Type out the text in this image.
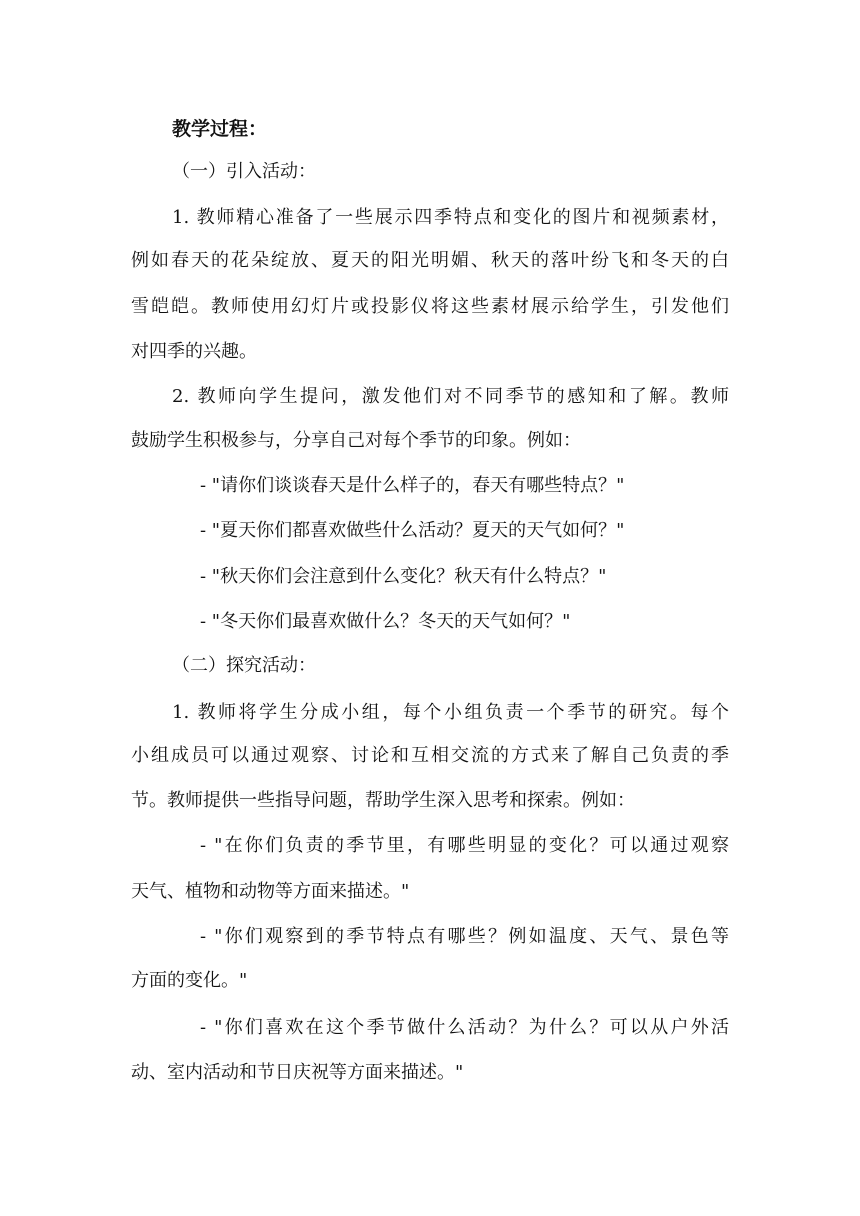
教学过程：
（一）引入活动：
1. 教师精心准备了一些展示四季特点和变化的图片和视频素材，
例如春天的花朵绽放、夏天的阳光明媚、秋天的落叶纷飞和冬天的白
雪皑皑。教师使用幻灯片或投影仪将这些素材展示给学生，引发他们
对四季的兴趣。
2. 教师向学生提问，激发他们对不同季节的感知和了解。教师
鼓励学生积极参与，分享自己对每个季节的印象。例如：
- "请你们谈谈春天是什么样子的，春天有哪些特点？"
- "夏天你们都喜欢做些什么活动？夏天的天气如何？"
- "秋天你们会注意到什么变化？秋天有什么特点？"
- "冬天你们最喜欢做什么？冬天的天气如何？"
（二）探究活动：
1. 教师将学生分成小组，每个小组负责一个季节的研究。每个
小组成员可以通过观察、讨论和互相交流的方式来了解自己负责的季
节。教师提供一些指导问题，帮助学生深入思考和探索。例如：
- "在你们负责的季节里，有哪些明显的变化？可以通过观察
天气、植物和动物等方面来描述。"
- "你们观察到的季节特点有哪些？例如温度、天气、景色等
方面的变化。"
- "你们喜欢在这个季节做什么活动？为什么？可以从户外活
动、室内活动和节日庆祝等方面来描述。"
